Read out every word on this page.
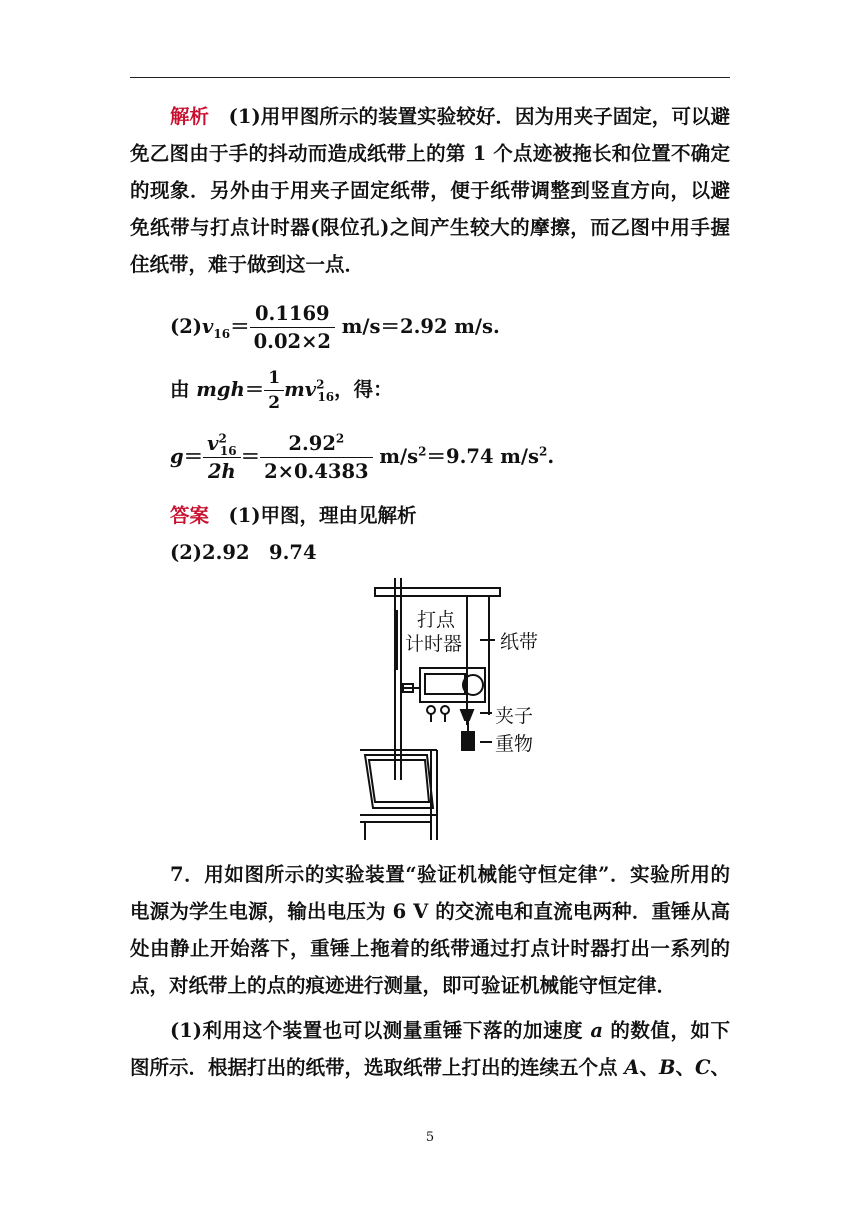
解析　 (1)用甲图所示的装置实验较好．因为用夹子固定，可以避免乙图由于手的抖动而造成纸带上的第 1 个点迹被拖长和位置不确定的现象．另外由于用夹子固定纸带，便于纸带调整到竖直方向，以避免纸带与打点计时器(限位孔)之间产生较大的摩擦，而乙图中用手握住纸带，难于做到这一点．
$(2)v_{16}= \frac{0.1169}{0.02\times 2} m/s=2.92$ m/s.
由 $mgh= \frac{1}{2} mv^2_{16}$，得：
$g= \frac{v^2_{16}}{2h} = \frac{2.92^2}{2\times 0.4383} m/s^2=9.74$ $m/s^2$.
答案　 (1)甲图，理由见解析
(2)2.92　9.74
打点
计时器 纸带
夹子
重物
7．用如图所示的实验装置“验证机械能守恒定律”．实验所用的电源为学生电源，输出电压为 6 V 的交流电和直流电两种．重锤从高处由静止开始落下，重锤上拖着的纸带通过打点计时器打出一系列的点，对纸带上的点的痕迹进行测量，即可验证机械能守恒定律．
(1)利用这个装置也可以测量重锤下落的加速度 a 的数值，如下图所示．根据打出的纸带，选取纸带上打出的连续五个点 A、B、C、
5
